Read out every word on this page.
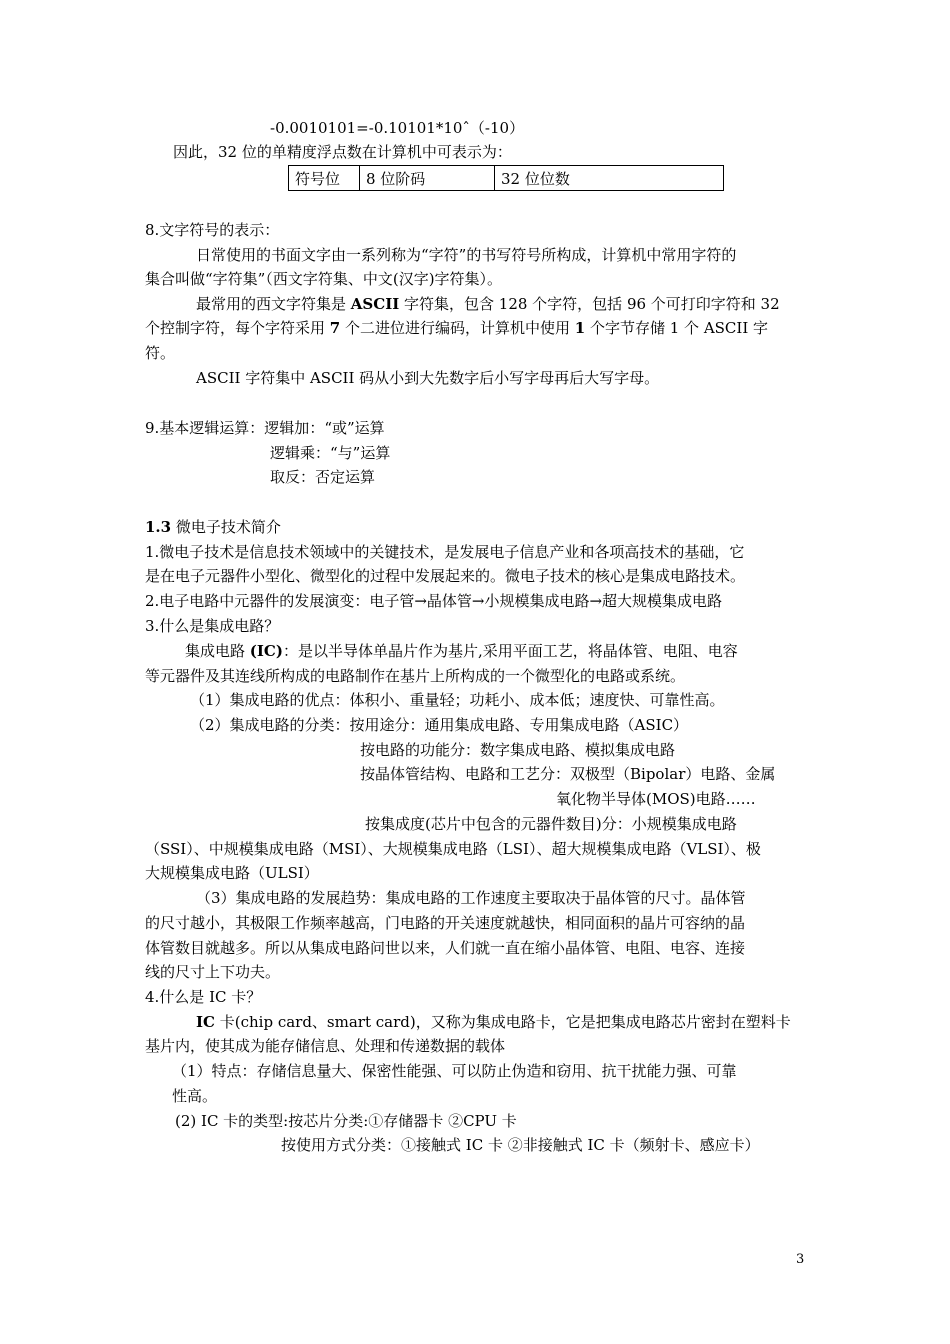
-0.0010101=-0.10101*10ˆ（-10）
因此，32 位的单精度浮点数在计算机中可表示为：
符号位	8 位阶码	32 位位数
8.文字符号的表示：
日常使用的书面文字由一系列称为“字符”的书写符号所构成，计算机中常用字符的
集合叫做“字符集”（西文字符集、中文(汉字)字符集）。
最常用的西文字符集是 ASCII 字符集，包含 128 个字符，包括 96 个可打印字符和 32
个控制字符，每个字符采用 7 个二进位进行编码，计算机中使用 1 个字节存储 1 个 ASCII 字
符。
ASCII 字符集中 ASCII 码从小到大先数字后小写字母再后大写字母。
9.基本逻辑运算：逻辑加：“或”运算
逻辑乘：“与”运算
取反：否定运算
1.3 微电子技术简介
1.微电子技术是信息技术领域中的关键技术，是发展电子信息产业和各项高技术的基础，它
是在电子元器件小型化、微型化的过程中发展起来的。微电子技术的核心是集成电路技术。
2.电子电路中元器件的发展演变：电子管→晶体管→小规模集成电路→超大规模集成电路
3.什么是集成电路？
集成电路 (IC)：是以半导体单晶片作为基片,采用平面工艺，将晶体管、电阻、电容
等元器件及其连线所构成的电路制作在基片上所构成的一个微型化的电路或系统。
（1）集成电路的优点：体积小、重量轻；功耗小、成本低；速度快、可靠性高。
（2）集成电路的分类：按用途分：通用集成电路、专用集成电路（ASIC）
按电路的功能分：数字集成电路、模拟集成电路
按晶体管结构、电路和工艺分：双极型（Bipolar）电路、金属
氧化物半导体(MOS)电路……
按集成度(芯片中包含的元器件数目)分：小规模集成电路
（SSI）、中规模集成电路（MSI）、大规模集成电路（LSI）、超大规模集成电路（VLSI）、极
大规模集成电路（ULSI）
（3）集成电路的发展趋势：集成电路的工作速度主要取决于晶体管的尺寸。晶体管
的尺寸越小，其极限工作频率越高，门电路的开关速度就越快，相同面积的晶片可容纳的晶
体管数目就越多。所以从集成电路问世以来，人们就一直在缩小晶体管、电阻、电容、连接
线的尺寸上下功夫。
4.什么是 IC 卡？
IC 卡(chip card、smart card)，又称为集成电路卡，它是把集成电路芯片密封在塑料卡
基片内，使其成为能存储信息、处理和传递数据的载体
（1）特点：存储信息量大、保密性能强、可以防止伪造和窃用、抗干扰能力强、可靠
性高。
(2) IC 卡的类型:按芯片分类:①存储器卡 ②CPU 卡
按使用方式分类：①接触式 IC 卡 ②非接触式 IC 卡（频射卡、感应卡）
3
